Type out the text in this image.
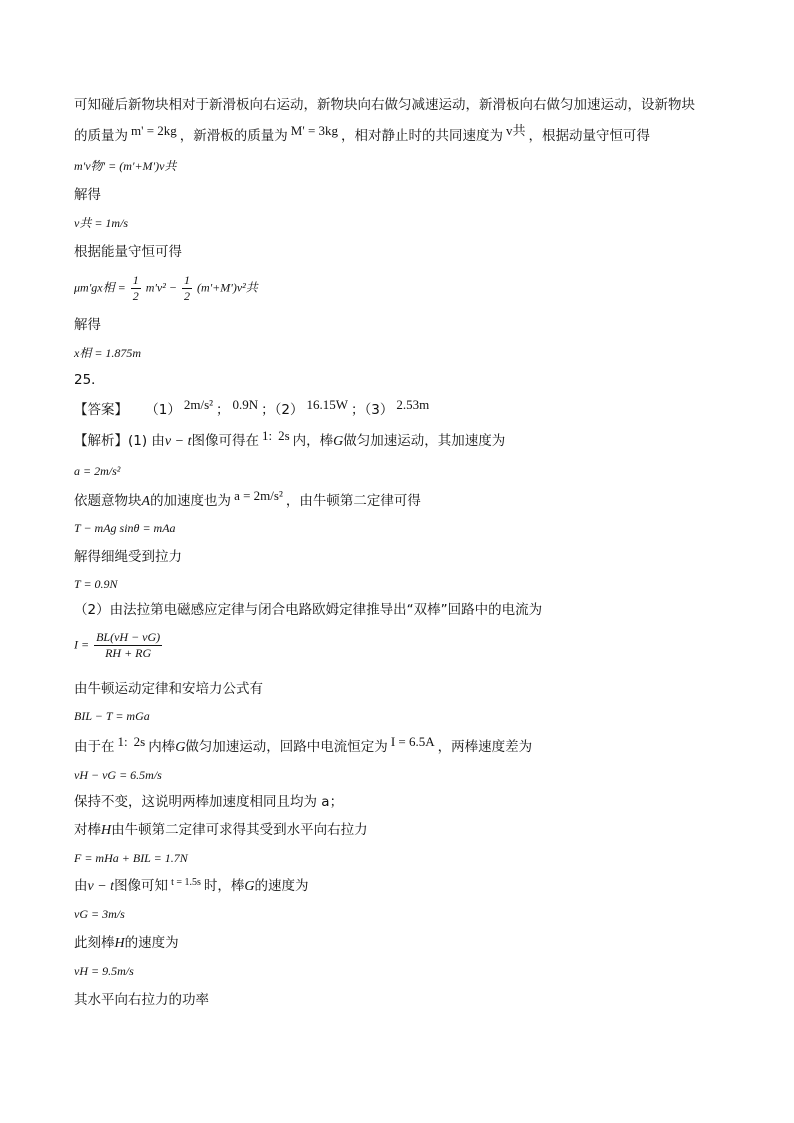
可知碰后新物块相对于新滑板向右运动，新物块向右做匀减速运动，新滑板向右做匀加速运动，设新物块
的质量为 m' = 2kg ，新滑板的质量为 M' = 3kg ，相对静止时的共同速度为 v共 ，根据动量守恒可得
m'v物' = (m'+M')v共
解得
v共 = 1m/s
根据能量守恒可得
μm'gx相 = $\frac{1}{2} m'v^2 - \frac{1}{2} (m'+M')v^2$共
解得
x相 = 1.875m
25．
【答案】 （1） 2m/s² ； 0.9N ；（2） 16.15W ；（3） 2.53m
【解析】(1) 由v − t图像可得在 1: 2s 内，棒G做匀加速运动，其加速度为
a = 2m/s²
依题意物块A的加速度也为 a = 2m/s² ，由牛顿第二定律可得
T − mAg sinθ = mAa
解得细绳受到拉力
T = 0.9N
（2）由法拉第电磁感应定律与闭合电路欧姆定律推导出“双棒”回路中的电流为
$I = \frac{BL(vH - vG)}{RH + RG}$
由牛顿运动定律和安培力公式有
BIL − T = mGa
由于在 1: 2s 内棒G做匀加速运动，回路中电流恒定为 I = 6.5A ，两棒速度差为
vH − vG = 6.5m/s
保持不变，这说明两棒加速度相同且均为 a；
对棒H由牛顿第二定律可求得其受到水平向右拉力
F = mHa + BIL = 1.7N
由v − t图像可知 $^{t = 1.5s}$ 时，棒G的速度为
vG = 3m/s
此刻棒H的速度为
vH = 9.5m/s
其水平向右拉力的功率
